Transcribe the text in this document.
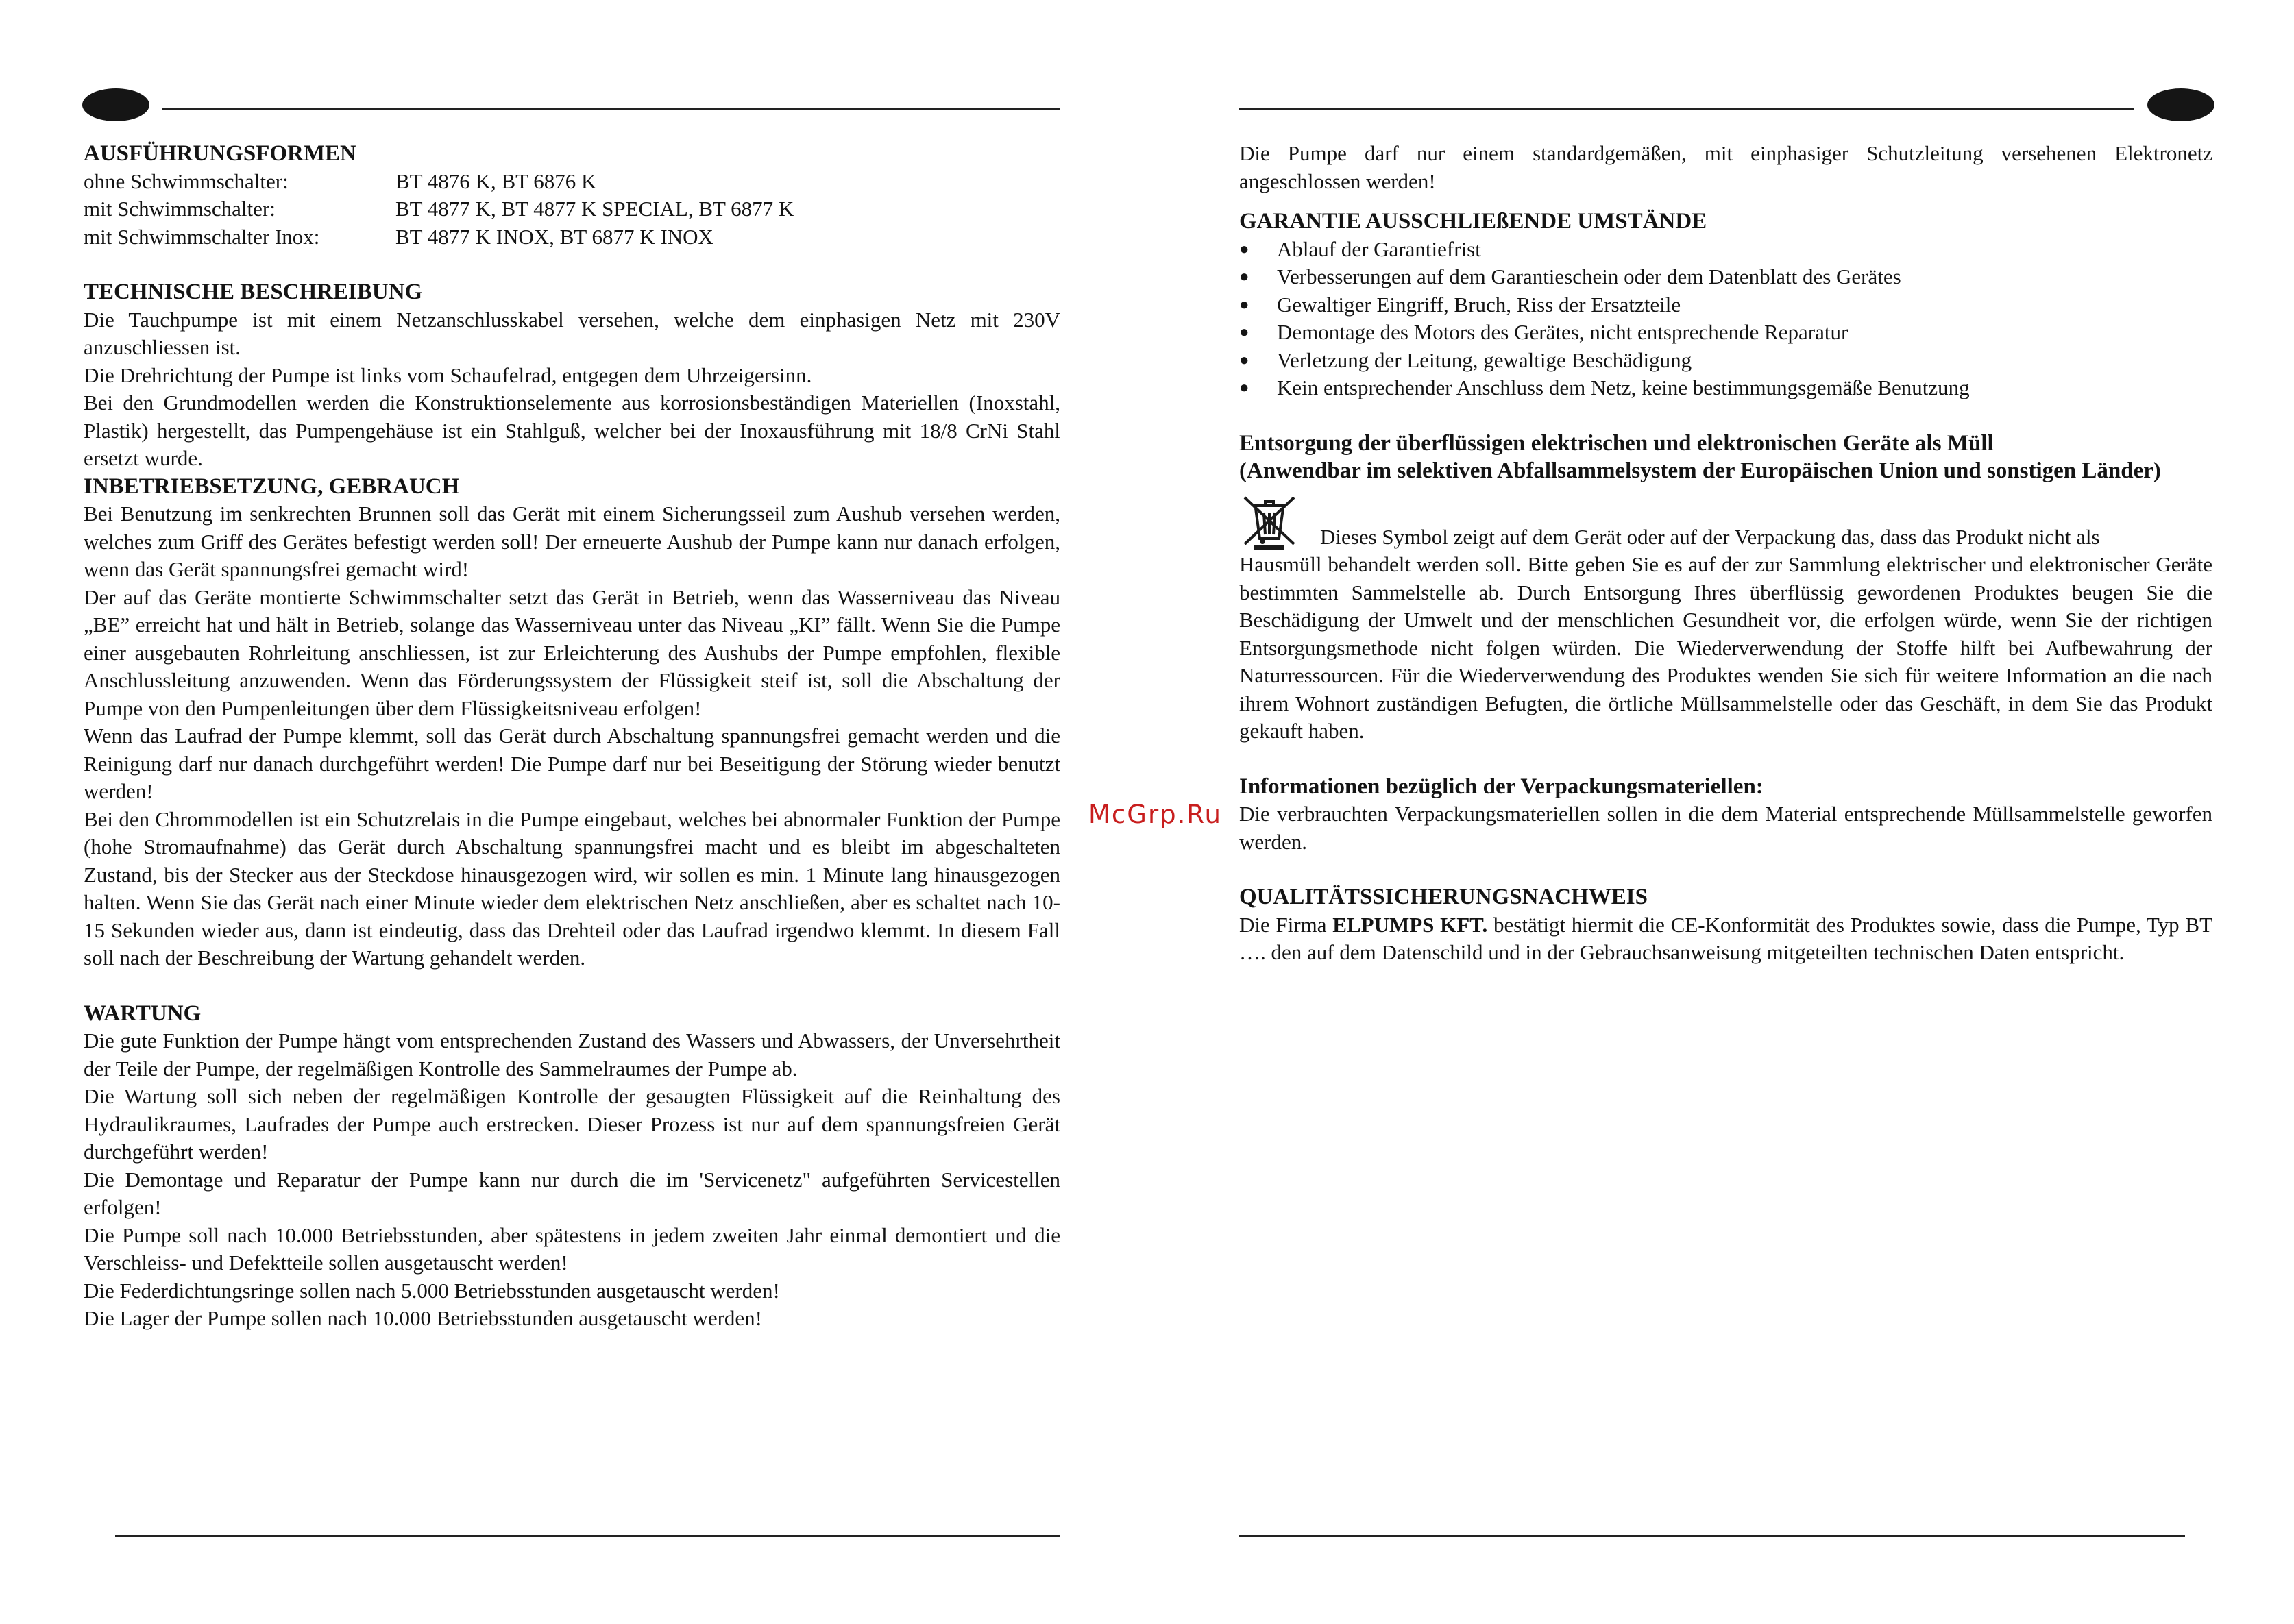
AUSFÜHRUNGSFORMEN
ohne Schwimmschalter:	BT 4876 K, BT 6876 K
mit Schwimmschalter:	BT 4877 K, BT 4877 K SPECIAL, BT 6877 K
mit Schwimmschalter Inox:	BT 4877 K INOX, BT 6877 K INOX
TECHNISCHE BESCHREIBUNG

Die Tauchpumpe ist mit einem Netzanschlusskabel versehen, welche dem einphasigen Netz mit 230V anzuschliessen ist.

Die Drehrichtung der Pumpe ist links vom Schaufelrad, entgegen dem Uhrzeigersinn.

Bei den Grundmodellen werden die Konstruktionselemente aus korrosionsbeständigen Materiellen (Inoxstahl, Plastik) hergestellt, das Pumpengehäuse ist ein Stahlguß, welcher bei der Inoxausführung mit 18/8 CrNi Stahl ersetzt wurde.

INBETRIEBSETZUNG, GEBRAUCH

Bei Benutzung im senkrechten Brunnen soll das Gerät mit einem Sicherungsseil zum Aushub versehen werden, welches zum Griff des Gerätes befestigt werden soll! Der erneuerte Aushub der Pumpe kann nur danach erfolgen, wenn das Gerät spannungsfrei gemacht wird!

Der auf das Geräte montierte Schwimmschalter setzt das Gerät in Betrieb, wenn das Wasserniveau das Niveau „BE” erreicht hat und hält in Betrieb, solange das Wasserniveau unter das Niveau „KI” fällt. Wenn Sie die Pumpe einer ausgebauten Rohrleitung anschliessen, ist zur Erleichterung des Aushubs der Pumpe empfohlen, flexible Anschlussleitung anzuwenden. Wenn das Förderungssystem der Flüssigkeit steif ist, soll die Abschaltung der Pumpe von den Pumpenleitungen über dem Flüssigkeitsniveau erfolgen!

Wenn das Laufrad der Pumpe klemmt, soll das Gerät durch Abschaltung spannungsfrei gemacht werden und die Reinigung darf nur danach durchgeführt werden! Die Pumpe darf nur bei Beseitigung der Störung wieder benutzt werden!

Bei den Chrommodellen ist ein Schutzrelais in die Pumpe eingebaut, welches bei abnormaler Funktion der Pumpe (hohe Stromaufnahme) das Gerät durch Abschaltung spannungsfrei macht und es bleibt im abgeschalteten Zustand, bis der Stecker aus der Steckdose hinausgezogen wird, wir sollen es min. 1 Minute lang hinausgezogen halten. Wenn Sie das Gerät nach einer Minute wieder dem elektrischen Netz anschließen, aber es schaltet nach 10-15 Sekunden wieder aus, dann ist eindeutig, dass das Drehteil oder das Laufrad irgendwo klemmt. In diesem Fall soll nach der Beschreibung der Wartung gehandelt werden.

WARTUNG

Die gute Funktion der Pumpe hängt vom entsprechenden Zustand des Wassers und Abwassers, der Unversehrtheit der Teile der Pumpe, der regelmäßigen Kontrolle des Sammelraumes der Pumpe ab.

Die Wartung soll sich neben der regelmäßigen Kontrolle der gesaugten Flüssigkeit auf die Reinhaltung des Hydraulikraumes, Laufrades der Pumpe auch erstrecken. Dieser Prozess ist nur auf dem spannungsfreien Gerät durchgeführt werden!

Die Demontage und Reparatur der Pumpe kann nur durch die im 'Servicenetz" aufgeführten Servicestellen erfolgen!

Die Pumpe soll nach 10.000 Betriebsstunden, aber spätestens in jedem zweiten Jahr einmal demontiert und die Verschleiss- und Defektteile sollen ausgetauscht werden!

Die Federdichtungsringe sollen nach 5.000 Betriebsstunden ausgetauscht werden!

Die Lager der Pumpe sollen nach 10.000 Betriebsstunden ausgetauscht werden!

Die Pumpe darf nur einem standardgemäßen, mit einphasiger Schutzleitung versehenen Elektronetz angeschlossen werden!

GARANTIE AUSSCHLIEßENDE UMSTÄNDE
● Ablauf der Garantiefrist
● Verbesserungen auf dem Garantieschein oder dem Datenblatt des Gerätes
● Gewaltiger Eingriff, Bruch, Riss der Ersatzteile
● Demontage des Motors des Gerätes, nicht entsprechende Reparatur
● Verletzung der Leitung, gewaltige Beschädigung
● Kein entsprechender Anschluss dem Netz, keine bestimmungsgemäße Benutzung
Entsorgung der überflüssigen elektrischen und elektronischen Geräte als Müll
(Anwendbar im selektiven Abfallsammelsystem der Europäischen Union und sonstigen Länder)

Dieses Symbol zeigt auf dem Gerät oder auf der Verpackung das, dass das Produkt nicht als

Hausmüll behandelt werden soll. Bitte geben Sie es auf der zur Sammlung elektrischer und elektronischer Geräte bestimmten Sammelstelle ab. Durch Entsorgung Ihres überflüssig gewordenen Produktes beugen Sie die Beschädigung der Umwelt und der menschlichen Gesundheit vor, die erfolgen würde, wenn Sie der richtigen Entsorgungsmethode nicht folgen würden. Die Wiederverwendung der Stoffe hilft bei Aufbewahrung der Naturressourcen. Für die Wiederverwendung des Produktes wenden Sie sich für weitere Information an die nach ihrem Wohnort zuständigen Befugten, die örtliche Müllsammelstelle oder das Geschäft, in dem Sie das Produkt gekauft haben.

Informationen bezüglich der Verpackungsmateriellen:

Die verbrauchten Verpackungsmateriellen sollen in die dem Material entsprechende Müllsammelstelle geworfen werden.

QUALITÄTSSICHERUNGSNACHWEIS

Die Firma ELPUMPS KFT. bestätigt hiermit die CE-Konformität des Produktes sowie, dass die Pumpe, Typ BT …. den auf dem Datenschild und in der Gebrauchsanweisung mitgeteilten technischen Daten entspricht.

McGrp.Ru
